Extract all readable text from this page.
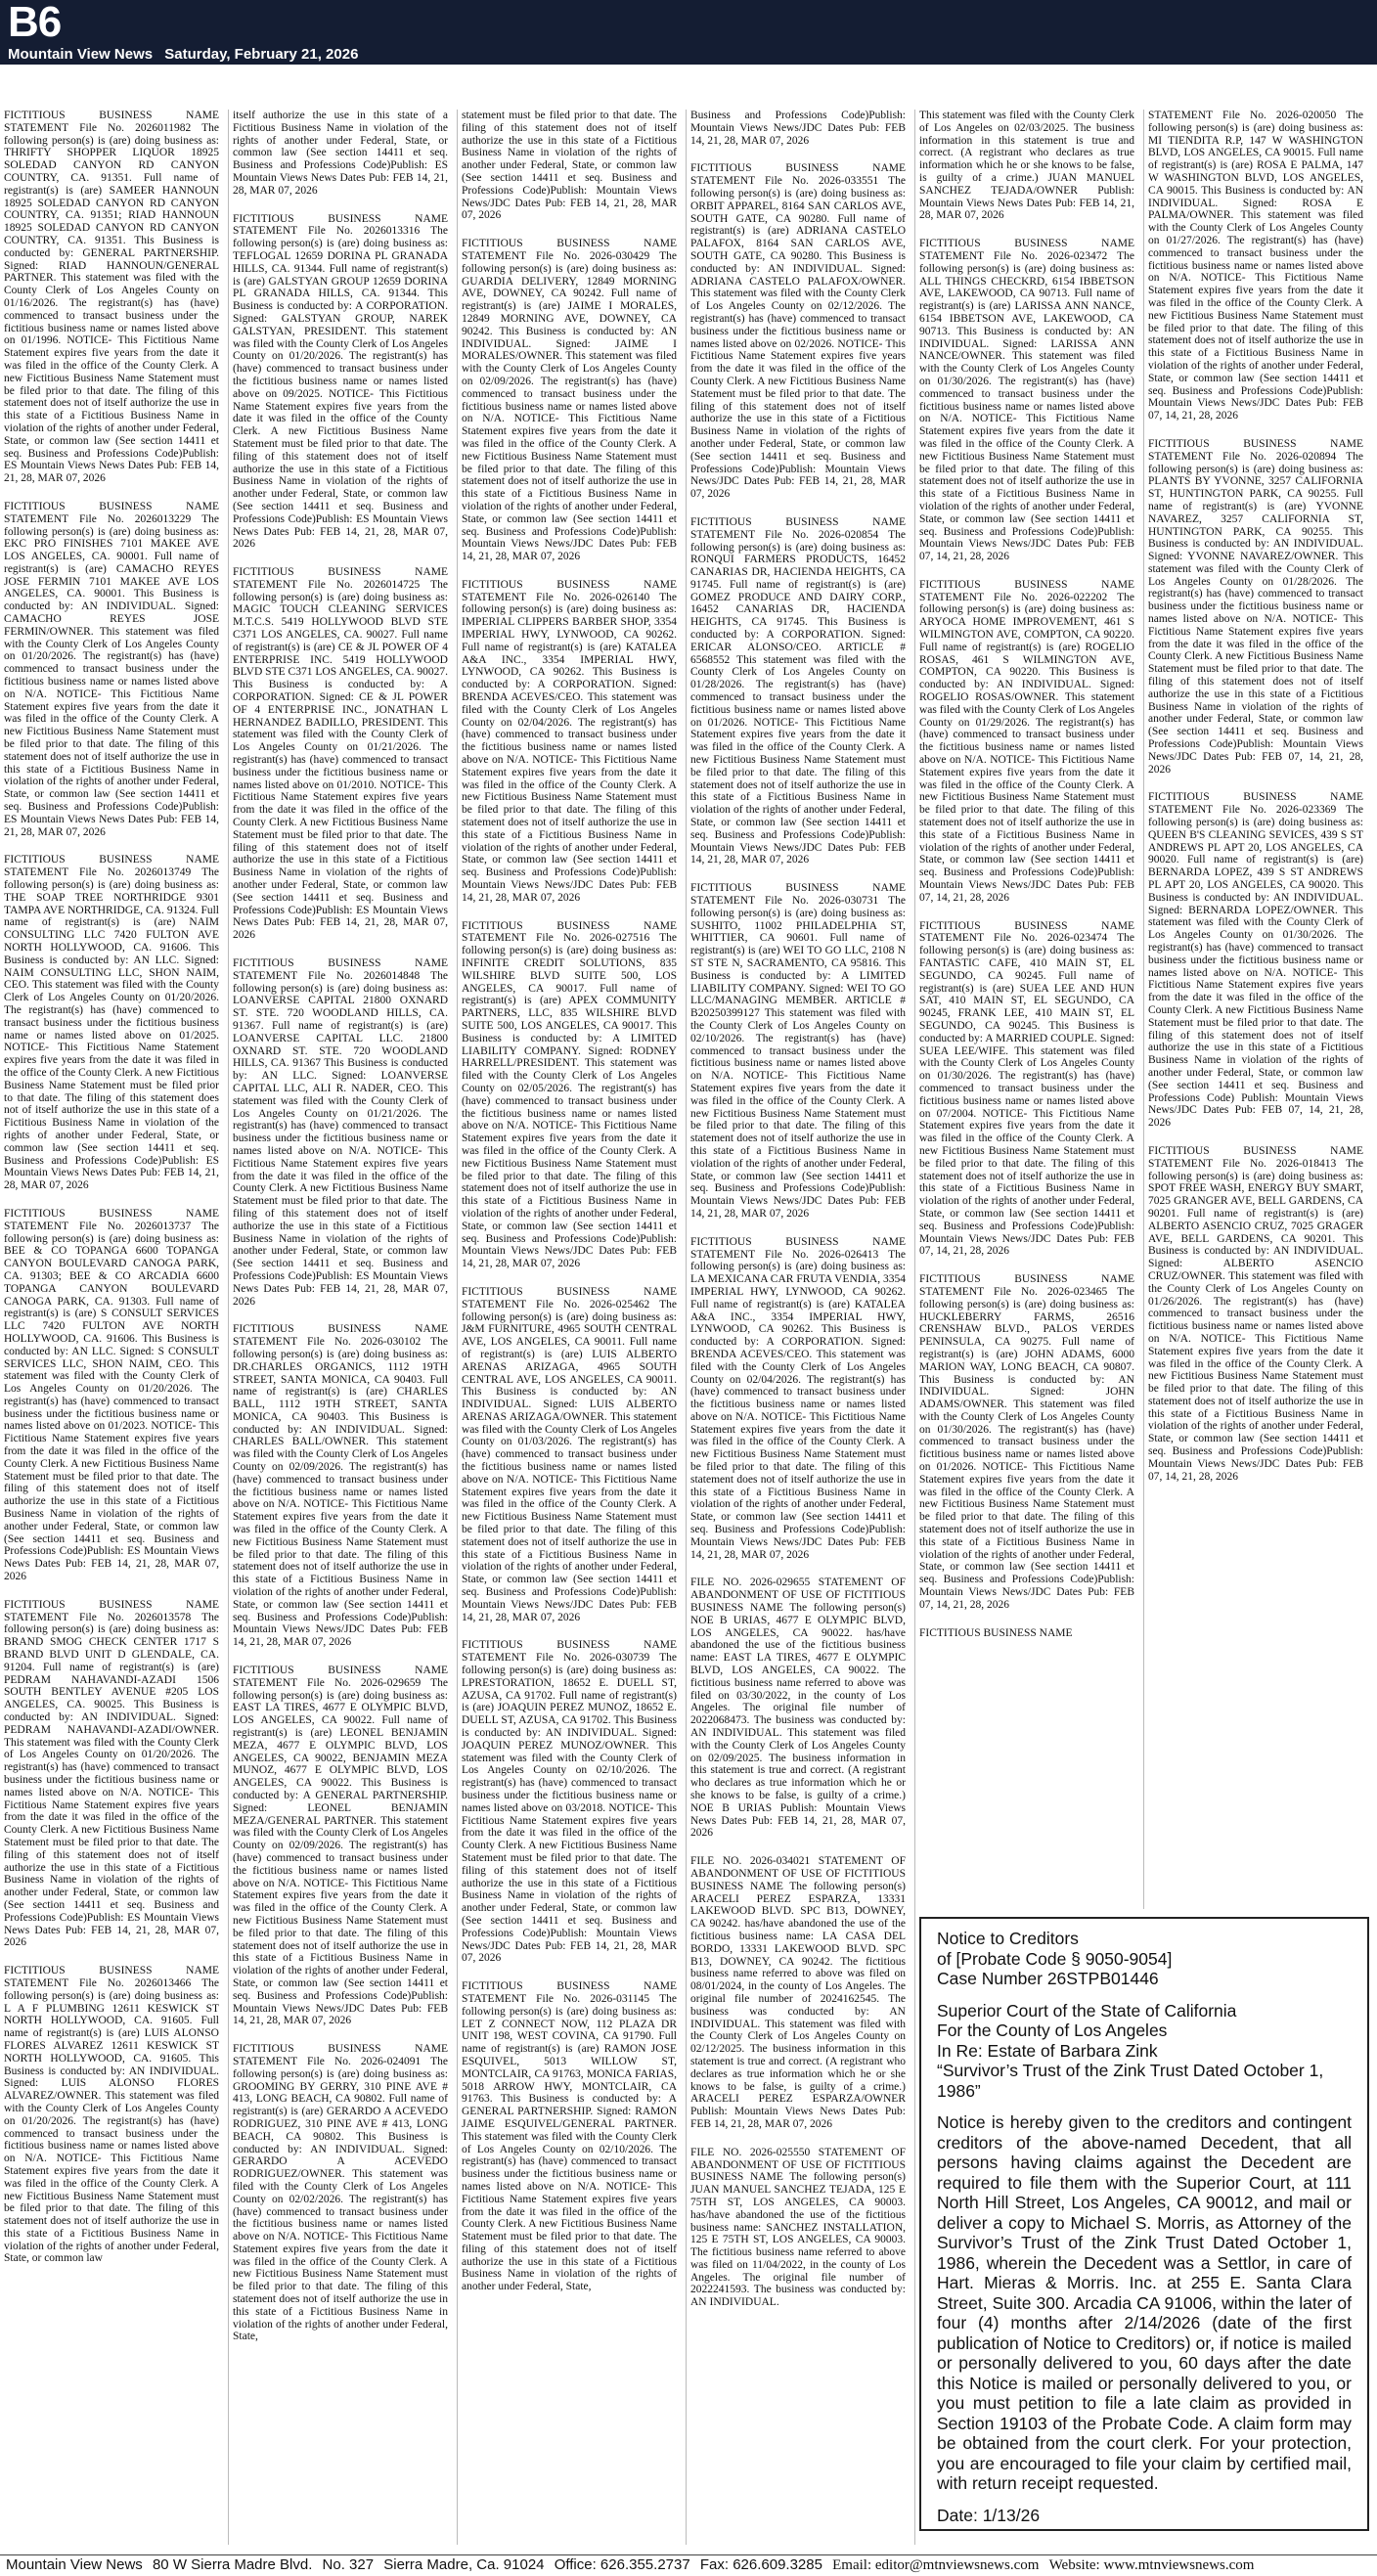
B6
Mountain View News Saturday, February 21, 2026

FICTITIOUS BUSINESS NAME STATEMENT File No. 2026011982 The following person(s) is (are) doing business as: THRIFTY SHOPPER LIQUOR 18925 SOLEDAD CANYON RD CANYON COUNTRY, CA. 91351. Full name of registrant(s) is (are) SAMEER HANNOUN 18925 SOLEDAD CANYON RD CANYON COUNTRY, CA. 91351; RIAD HANNOUN 18925 SOLEDAD CANYON RD CANYON COUNTRY, CA. 91351. This Business is conducted by: GENERAL PARTNERSHIP. Signed: RIAD HANNOUN/GENERAL PARTNER. This statement was filed with the County Clerk of Los Angeles County on 01/16/2026. The registrant(s) has (have) commenced to transact business under the fictitious business name or names listed above on 01/1996. NOTICE- This Fictitious Name Statement expires five years from the date it was filed in the office of the County Clerk. A new Fictitious Business Name Statement must be filed prior to that date. The filing of this statement does not of itself authorize the use in this state of a Fictitious Business Name in violation of the rights of another under Federal, State, or common law (See section 14411 et seq. Business and Professions Code)Publish: ES Mountain Views News Dates Pub: FEB 14, 21, 28, MAR 07, 2026

FICTITIOUS BUSINESS NAME STATEMENT File No. 2026013229 The following person(s) is (are) doing business as: EKC PRO FINISHES 7101 MAKEE AVE LOS ANGELES, CA. 90001. Full name of registrant(s) is (are) CAMACHO REYES JOSE FERMIN 7101 MAKEE AVE LOS ANGELES, CA. 90001. This Business is conducted by: AN INDIVIDUAL. Signed: CAMACHO REYES JOSE FERMIN/OWNER. This statement was filed with the County Clerk of Los Angeles County on 01/20/2026. The registrant(s) has (have) commenced to transact business under the fictitious business name or names listed above on N/A. NOTICE- This Fictitious Name Statement expires five years from the date it was filed in the office of the County Clerk. A new Fictitious Business Name Statement must be filed prior to that date. The filing of this statement does not of itself authorize the use in this state of a Fictitious Business Name in violation of the rights of another under Federal, State, or common law (See section 14411 et seq. Business and Professions Code)Publish: ES Mountain Views News Dates Pub: FEB 14, 21, 28, MAR 07, 2026

FICTITIOUS BUSINESS NAME STATEMENT File No. 2026013749 The following person(s) is (are) doing business as: THE SOAP TREE NORTHRIDGE 9301 TAMPA AVE NORTHRIDGE, CA. 91324. Full name of registrant(s) is (are) NAIM CONSULTING LLC 7420 FULTON AVE NORTH HOLLYWOOD, CA. 91606. This Business is conducted by: AN LLC. Signed: NAIM CONSULTING LLC, SHON NAIM, CEO. This statement was filed with the County Clerk of Los Angeles County on 01/20/2026. The registrant(s) has (have) commenced to transact business under the fictitious business name or names listed above on 01/2025. NOTICE- This Fictitious Name Statement expires five years from the date it was filed in the office of the County Clerk. A new Fictitious Business Name Statement must be filed prior to that date. The filing of this statement does not of itself authorize the use in this state of a Fictitious Business Name in violation of the rights of another under Federal, State, or common law (See section 14411 et seq. Business and Professions Code)Publish: ES Mountain Views News Dates Pub: FEB 14, 21, 28, MAR 07, 2026

FICTITIOUS BUSINESS NAME STATEMENT File No. 2026013737 The following person(s) is (are) doing business as: BEE & CO TOPANGA 6600 TOPANGA CANYON BOULEVARD CANOGA PARK, CA. 91303; BEE & CO ARCADIA 6600 TOPANGA CANYON BOULEVARD CANOGA PARK, CA. 91303. Full name of registrant(s) is (are) S CONSULT SERVICES LLC 7420 FULTON AVE NORTH HOLLYWOOD, CA. 91606. This Business is conducted by: AN LLC. Signed: S CONSULT SERVICES LLC, SHON NAIM, CEO. This statement was filed with the County Clerk of Los Angeles County on 01/20/2026. The registrant(s) has (have) commenced to transact business under the fictitious business name or names listed above on 01/2023. NOTICE- This Fictitious Name Statement expires five years from the date it was filed in the office of the County Clerk. A new Fictitious Business Name Statement must be filed prior to that date. The filing of this statement does not of itself authorize the use in this state of a Fictitious Business Name in violation of the rights of another under Federal, State, or common law (See section 14411 et seq. Business and Professions Code)Publish: ES Mountain Views News Dates Pub: FEB 14, 21, 28, MAR 07, 2026

FICTITIOUS BUSINESS NAME STATEMENT File No. 2026013578 The following person(s) is (are) doing business as: BRAND SMOG CHECK CENTER 1717 S BRAND BLVD UNIT D GLENDALE, CA. 91204. Full name of registrant(s) is (are) PEDRAM NAHAVANDI-AZADI 1506 SOUTH BENTLEY AVENUE #205 LOS ANGELES, CA. 90025. This Business is conducted by: AN INDIVIDUAL. Signed: PEDRAM NAHAVANDI-AZADI/OWNER. This statement was filed with the County Clerk of Los Angeles County on 01/20/2026. The registrant(s) has (have) commenced to transact business under the fictitious business name or names listed above on N/A. NOTICE- This Fictitious Name Statement expires five years from the date it was filed in the office of the County Clerk. A new Fictitious Business Name Statement must be filed prior to that date. The filing of this statement does not of itself authorize the use in this state of a Fictitious Business Name in violation of the rights of another under Federal, State, or common law (See section 14411 et seq. Business and Professions Code)Publish: ES Mountain Views News Dates Pub: FEB 14, 21, 28, MAR 07, 2026

FICTITIOUS BUSINESS NAME STATEMENT File No. 2026013466 The following person(s) is (are) doing business as: L A F PLUMBING 12611 KESWICK ST NORTH HOLLYWOOD, CA. 91605. Full name of registrant(s) is (are) LUIS ALONSO FLORES ALVAREZ 12611 KESWICK ST NORTH HOLLYWOOD, CA. 91605. This Business is conducted by: AN INDIVIDUAL. Signed: LUIS ALONSO FLORES ALVAREZ/OWNER. This statement was filed with the County Clerk of Los Angeles County on 01/20/2026. The registrant(s) has (have) commenced to transact business under the fictitious business name or names listed above on N/A. NOTICE- This Fictitious Name Statement expires five years from the date it was filed in the office of the County Clerk. A new Fictitious Business Name Statement must be filed prior to that date. The filing of this statement does not of itself authorize the use in this state of a Fictitious Business Name in violation of the rights of another under Federal, State, or common law

itself authorize the use in this state of a Fictitious Business Name in violation of the rights of another under Federal, State, or common law (See section 14411 et seq. Business and Professions Code)Publish: ES Mountain Views News Dates Pub: FEB 14, 21, 28, MAR 07, 2026

FICTITIOUS BUSINESS NAME STATEMENT File No. 2026013316 The following person(s) is (are) doing business as: TEFLOGAL 12659 DORINA PL GRANADA HILLS, CA. 91344. Full name of registrant(s) is (are) GALSTYAN GROUP 12659 DORINA PL GRANADA HILLS, CA. 91344. This Business is conducted by: A CORPORATION. Signed: GALSTYAN GROUP, NAREK GALSTYAN, PRESIDENT. This statement was filed with the County Clerk of Los Angeles County on 01/20/2026. The registrant(s) has (have) commenced to transact business under the fictitious business name or names listed above on 09/2025. NOTICE- This Fictitious Name Statement expires five years from the date it was filed in the office of the County Clerk. A new Fictitious Business Name Statement must be filed prior to that date. The filing of this statement does not of itself authorize the use in this state of a Fictitious Business Name in violation of the rights of another under Federal, State, or common law (See section 14411 et seq. Business and Professions Code)Publish: ES Mountain Views News Dates Pub: FEB 14, 21, 28, MAR 07, 2026

FICTITIOUS BUSINESS NAME STATEMENT File No. 2026014725 The following person(s) is (are) doing business as: MAGIC TOUCH CLEANING SERVICES M.T.C.S. 5419 HOLLYWOOD BLVD STE C371 LOS ANGELES, CA. 90027. Full name of registrant(s) is (are) CE & JL POWER OF 4 ENTERPRISE INC. 5419 HOLLYWOOD BLVD STE C371 LOS ANGELES, CA. 90027. This Business is conducted by: A CORPORATION. Signed: CE & JL POWER OF 4 ENTERPRISE INC., JONATHAN L HERNANDEZ BADILLO, PRESIDENT. This statement was filed with the County Clerk of Los Angeles County on 01/21/2026. The registrant(s) has (have) commenced to transact business under the fictitious business name or names listed above on 01/2010. NOTICE- This Fictitious Name Statement expires five years from the date it was filed in the office of the County Clerk. A new Fictitious Business Name Statement must be filed prior to that date. The filing of this statement does not of itself authorize the use in this state of a Fictitious Business Name in violation of the rights of another under Federal, State, or common law (See section 14411 et seq. Business and Professions Code)Publish: ES Mountain Views News Dates Pub: FEB 14, 21, 28, MAR 07, 2026

FICTITIOUS BUSINESS NAME STATEMENT File No. 2026014848 The following person(s) is (are) doing business as: LOANVERSE CAPITAL 21800 OXNARD ST. STE. 720 WOODLAND HILLS, CA. 91367. Full name of registrant(s) is (are) LOANVERSE CAPITAL LLC. 21800 OXNARD ST. STE. 720 WOODLAND HILLS, CA. 91367 This Business is conducted by: AN LLC. Signed: LOANVERSE CAPITAL LLC, ALI R. NADER, CEO. This statement was filed with the County Clerk of Los Angeles County on 01/21/2026. The registrant(s) has (have) commenced to transact business under the fictitious business name or names listed above on N/A. NOTICE- This Fictitious Name Statement expires five years from the date it was filed in the office of the County Clerk. A new Fictitious Business Name Statement must be filed prior to that date. The filing of this statement does not of itself authorize the use in this state of a Fictitious Business Name in violation of the rights of another under Federal, State, or common law (See section 14411 et seq. Business and Professions Code)Publish: ES Mountain Views News Dates Pub: FEB 14, 21, 28, MAR 07, 2026

FICTITIOUS BUSINESS NAME STATEMENT File No. 2026-030102 The following person(s) is (are) doing business as: DR.CHARLES ORGANICS, 1112 19TH STREET, SANTA MONICA, CA 90403. Full name of registrant(s) is (are) CHARLES BALL, 1112 19TH STREET, SANTA MONICA, CA 90403. This Business is conducted by: AN INDIVIDUAL. Signed: CHARLES BALL/OWNER. This statement was filed with the County Clerk of Los Angeles County on 02/09/2026. The registrant(s) has (have) commenced to transact business under the fictitious business name or names listed above on N/A. NOTICE- This Fictitious Name Statement expires five years from the date it was filed in the office of the County Clerk. A new Fictitious Business Name Statement must be filed prior to that date. The filing of this statement does not of itself authorize the use in this state of a Fictitious Business Name in violation of the rights of another under Federal, State, or common law (See section 14411 et seq. Business and Professions Code)Publish: Mountain Views News/JDC Dates Pub: FEB 14, 21, 28, MAR 07, 2026

FICTITIOUS BUSINESS NAME STATEMENT File No. 2026-029659 The following person(s) is (are) doing business as: EAST LA TIRES, 4677 E OLYMPIC BLVD, LOS ANGELES, CA 90022. Full name of registrant(s) is (are) LEONEL BENJAMIN MEZA, 4677 E OLYMPIC BLVD, LOS ANGELES, CA 90022, BENJAMIN MEZA MUNOZ, 4677 E OLYMPIC BLVD, LOS ANGELES, CA 90022. This Business is conducted by: A GENERAL PARTNERSHIP. Signed: LEONEL BENJAMIN MEZA/GENERAL PARTNER. This statement was filed with the County Clerk of Los Angeles County on 02/09/2026. The registrant(s) has (have) commenced to transact business under the fictitious business name or names listed above on N/A. NOTICE- This Fictitious Name Statement expires five years from the date it was filed in the office of the County Clerk. A new Fictitious Business Name Statement must be filed prior to that date. The filing of this statement does not of itself authorize the use in this state of a Fictitious Business Name in violation of the rights of another under Federal, State, or common law (See section 14411 et seq. Business and Professions Code)Publish: Mountain Views News/JDC Dates Pub: FEB 14, 21, 28, MAR 07, 2026

FICTITIOUS BUSINESS NAME STATEMENT File No. 2026-024091 The following person(s) is (are) doing business as: GROOMING BY GERRY, 310 PINE AVE # 413, LONG BEACH, CA 90802. Full name of registrant(s) is (are) GERARDO A ACEVEDO RODRIGUEZ, 310 PINE AVE # 413, LONG BEACH, CA 90802. This Business is conducted by: AN INDIVIDUAL. Signed: GERARDO A ACEVEDO RODRIGUEZ/OWNER. This statement was filed with the County Clerk of Los Angeles County on 02/02/2026. The registrant(s) has (have) commenced to transact business under the fictitious business name or names listed above on N/A. NOTICE- This Fictitious Name Statement expires five years from the date it was filed in the office of the County Clerk. A new Fictitious Business Name Statement must be filed prior to that date. The filing of this statement does not of itself authorize the use in this state of a Fictitious Business Name in violation of the rights of another under Federal, State,

statement must be filed prior to that date. The filing of this statement does not of itself authorize the use in this state of a Fictitious Business Name in violation of the rights of another under Federal, State, or common law (See section 14411 et seq. Business and Professions Code)Publish: Mountain Views News/JDC Dates Pub: FEB 14, 21, 28, MAR 07, 2026

FICTITIOUS BUSINESS NAME STATEMENT File No. 2026-030429 The following person(s) is (are) doing business as: GUARDIA DELIVERY, 12849 MORNING AVE, DOWNEY, CA 90242. Full name of registrant(s) is (are) JAIME I MORALES, 12849 MORNING AVE, DOWNEY, CA 90242. This Business is conducted by: AN INDIVIDUAL. Signed: JAIME I MORALES/OWNER. This statement was filed with the County Clerk of Los Angeles County on 02/09/2026. The registrant(s) has (have) commenced to transact business under the fictitious business name or names listed above on N/A. NOTICE- This Fictitious Name Statement expires five years from the date it was filed in the office of the County Clerk. A new Fictitious Business Name Statement must be filed prior to that date. The filing of this statement does not of itself authorize the use in this state of a Fictitious Business Name in violation of the rights of another under Federal, State, or common law (See section 14411 et seq. Business and Professions Code)Publish: Mountain Views News/JDC Dates Pub: FEB 14, 21, 28, MAR 07, 2026

FICTITIOUS BUSINESS NAME STATEMENT File No. 2026-026140 The following person(s) is (are) doing business as: IMPERIAL CLIPPERS BARBER SHOP, 3354 IMPERIAL HWY, LYNWOOD, CA 90262. Full name of registrant(s) is (are) KATALEA A&A INC., 3354 IMPERIAL HWY, LYNWOOD, CA 90262. This Business is conducted by: A CORPORATION. Signed: BRENDA ACEVES/CEO. This statement was filed with the County Clerk of Los Angeles County on 02/04/2026. The registrant(s) has (have) commenced to transact business under the fictitious business name or names listed above on N/A. NOTICE- This Fictitious Name Statement expires five years from the date it was filed in the office of the County Clerk. A new Fictitious Business Name Statement must be filed prior to that date. The filing of this statement does not of itself authorize the use in this state of a Fictitious Business Name in violation of the rights of another under Federal, State, or common law (See section 14411 et seq. Business and Professions Code)Publish: Mountain Views News/JDC Dates Pub: FEB 14, 21, 28, MAR 07, 2026

FICTITIOUS BUSINESS NAME STATEMENT File No. 2026-027516 The following person(s) is (are) doing business as: INFINITE CREDIT SOLUTIONS, 835 WILSHIRE BLVD SUITE 500, LOS ANGELES, CA 90017. Full name of registrant(s) is (are) APEX COMMUNITY PARTNERS, LLC, 835 WILSHIRE BLVD SUITE 500, LOS ANGELES, CA 90017. This Business is conducted by: A LIMITED LIABILITY COMPANY. Signed: RODNEY HARRELL/PRESIDENT. This statement was filed with the County Clerk of Los Angeles County on 02/05/2026. The registrant(s) has (have) commenced to transact business under the fictitious business name or names listed above on N/A. NOTICE- This Fictitious Name Statement expires five years from the date it was filed in the office of the County Clerk. A new Fictitious Business Name Statement must be filed prior to that date. The filing of this statement does not of itself authorize the use in this state of a Fictitious Business Name in violation of the rights of another under Federal, State, or common law (See section 14411 et seq. Business and Professions Code)Publish: Mountain Views News/JDC Dates Pub: FEB 14, 21, 28, MAR 07, 2026

FICTITIOUS BUSINESS NAME STATEMENT File No. 2026-025462 The following person(s) is (are) doing business as: J&M FURNITURE, 4965 SOUTH CENTRAL AVE, LOS ANGELES, CA 90011. Full name of registrant(s) is (are) LUIS ALBERTO ARENAS ARIZAGA, 4965 SOUTH CENTRAL AVE, LOS ANGELES, CA 90011. This Business is conducted by: AN INDIVIDUAL. Signed: LUIS ALBERTO ARENAS ARIZAGA/OWNER. This statement was filed with the County Clerk of Los Angeles County on 01/03/2026. The registrant(s) has (have) commenced to transact business under the fictitious business name or names listed above on N/A. NOTICE- This Fictitious Name Statement expires five years from the date it was filed in the office of the County Clerk. A new Fictitious Business Name Statement must be filed prior to that date. The filing of this statement does not of itself authorize the use in this state of a Fictitious Business Name in violation of the rights of another under Federal, State, or common law (See section 14411 et seq. Business and Professions Code)Publish: Mountain Views News/JDC Dates Pub: FEB 14, 21, 28, MAR 07, 2026

FICTITIOUS BUSINESS NAME STATEMENT File No. 2026-030739 The following person(s) is (are) doing business as: LPRESTORATION, 18652 E. DUELL ST, AZUSA, CA 91702. Full name of registrant(s) is (are) JOAQUIN PEREZ MUNOZ, 18652 E. DUELL ST, AZUSA, CA 91702. This Business is conducted by: AN INDIVIDUAL. Signed: JOAQUIN PEREZ MUNOZ/OWNER. This statement was filed with the County Clerk of Los Angeles County on 02/10/2026. The registrant(s) has (have) commenced to transact business under the fictitious business name or names listed above on 03/2018. NOTICE- This Fictitious Name Statement expires five years from the date it was filed in the office of the County Clerk. A new Fictitious Business Name Statement must be filed prior to that date. The filing of this statement does not of itself authorize the use in this state of a Fictitious Business Name in violation of the rights of another under Federal, State, or common law (See section 14411 et seq. Business and Professions Code)Publish: Mountain Views News/JDC Dates Pub: FEB 14, 21, 28, MAR 07, 2026

FICTITIOUS BUSINESS NAME STATEMENT File No. 2026-031145 The following person(s) is (are) doing business as: LET Z CONNECT NOW, 112 PLAZA DR UNIT 198, WEST COVINA, CA 91790. Full name of registrant(s) is (are) RAMON JOSE ESQUIVEL, 5013 WILLOW ST, MONTCLAIR, CA 91763, MONICA FARIAS, 5018 ARROW HWY, MONTCLAIR, CA 91763. This Business is conducted by: A GENERAL PARTNERSHIP. Signed: RAMON JAIME ESQUIVEL/GENERAL PARTNER. This statement was filed with the County Clerk of Los Angeles County on 02/10/2026. The registrant(s) has (have) commenced to transact business under the fictitious business name or names listed above on N/A. NOTICE- This Fictitious Name Statement expires five years from the date it was filed in the office of the County Clerk. A new Fictitious Business Name Statement must be filed prior to that date. The filing of this statement does not of itself authorize the use in this state of a Fictitious Business Name in violation of the rights of another under Federal, State,

Business and Professions Code)Publish: Mountain Views News/JDC Dates Pub: FEB 14, 21, 28, MAR 07, 2026

FICTITIOUS BUSINESS NAME STATEMENT File No. 2026-033551 The following person(s) is (are) doing business as: ORBIT APPAREL, 8164 SAN CARLOS AVE, SOUTH GATE, CA 90280. Full name of registrant(s) is (are) ADRIANA CASTELO PALAFOX, 8164 SAN CARLOS AVE, SOUTH GATE, CA 90280. This Business is conducted by: AN INDIVIDUAL. Signed: ADRIANA CASTELO PALAFOX/OWNER. This statement was filed with the County Clerk of Los Angeles County on 02/12/2026. The registrant(s) has (have) commenced to transact business under the fictitious business name or names listed above on 02/2026. NOTICE- This Fictitious Name Statement expires five years from the date it was filed in the office of the County Clerk. A new Fictitious Business Name Statement must be filed prior to that date. The filing of this statement does not of itself authorize the use in this state of a Fictitious Business Name in violation of the rights of another under Federal, State, or common law (See section 14411 et seq. Business and Professions Code)Publish: Mountain Views News/JDC Dates Pub: FEB 14, 21, 28, MAR 07, 2026

FICTITIOUS BUSINESS NAME STATEMENT File No. 2026-020854 The following person(s) is (are) doing business as: RONQUI FARMERS PRODUCTS, 16452 CANARIAS DR, HACIENDA HEIGHTS, CA 91745. Full name of registrant(s) is (are) GOMEZ PRODUCE AND DAIRY CORP., 16452 CANARIAS DR, HACIENDA HEIGHTS, CA 91745. This Business is conducted by: A CORPORATION. Signed: ERICAR ALONSO/CEO. ARTICLE # 6568552 This statement was filed with the County Clerk of Los Angeles County on 01/28/2026. The registrant(s) has (have) commenced to transact business under the fictitious business name or names listed above on 01/2026. NOTICE- This Fictitious Name Statement expires five years from the date it was filed in the office of the County Clerk. A new Fictitious Business Name Statement must be filed prior to that date. The filing of this statement does not of itself authorize the use in this state of a Fictitious Business Name in violation of the rights of another under Federal, State, or common law (See section 14411 et seq. Business and Professions Code)Publish: Mountain Views News/JDC Dates Pub: FEB 14, 21, 28, MAR 07, 2026

FICTITIOUS BUSINESS NAME STATEMENT File No. 2026-030731 The following person(s) is (are) doing business as: SUSHITO, 11002 PHILADELPHIA ST, WHITTIER, CA 90601. Full name of registrant(s) is (are) WEI TO GO LLC, 2108 N ST STE N, SACRAMENTO, CA 95816. This Business is conducted by: A LIMITED LIABILITY COMPANY. Signed: WEI TO GO LLC/MANAGING MEMBER. ARTICLE # B20250399127 This statement was filed with the County Clerk of Los Angeles County on 02/10/2026. The registrant(s) has (have) commenced to transact business under the fictitious business name or names listed above on N/A. NOTICE- This Fictitious Name Statement expires five years from the date it was filed in the office of the County Clerk. A new Fictitious Business Name Statement must be filed prior to that date. The filing of this statement does not of itself authorize the use in this state of a Fictitious Business Name in violation of the rights of another under Federal, State, or common law (See section 14411 et seq. Business and Professions Code)Publish: Mountain Views News/JDC Dates Pub: FEB 14, 21, 28, MAR 07, 2026

FICTITIOUS BUSINESS NAME STATEMENT File No. 2026-026413 The following person(s) is (are) doing business as: LA MEXICANA CAR FRUTA VENDIA, 3354 IMPERIAL HWY, LYNWOOD, CA 90262. Full name of registrant(s) is (are) KATALEA A&A INC., 3354 IMPERIAL HWY, LYNWOOD, CA 90262. This Business is conducted by: A CORPORATION. Signed: BRENDA ACEVES/CEO. This statement was filed with the County Clerk of Los Angeles County on 02/04/2026. The registrant(s) has (have) commenced to transact business under the fictitious business name or names listed above on N/A. NOTICE- This Fictitious Name Statement expires five years from the date it was filed in the office of the County Clerk. A new Fictitious Business Name Statement must be filed prior to that date. The filing of this statement does not of itself authorize the use in this state of a Fictitious Business Name in violation of the rights of another under Federal, State, or common law (See section 14411 et seq. Business and Professions Code)Publish: Mountain Views News/JDC Dates Pub: FEB 14, 21, 28, MAR 07, 2026

FILE NO. 2026-029655 STATEMENT OF ABANDONMENT OF USE OF FICTITIOUS BUSINESS NAME The following person(s) NOE B URIAS, 4677 E OLYMPIC BLVD, LOS ANGELES, CA 90022. has/have abandoned the use of the fictitious business name: EAST LA TIRES, 4677 E OLYMPIC BLVD, LOS ANGELES, CA 90022. The fictitious business name referred to above was filed on 03/30/2022, in the county of Los Angeles. The original file number of 2022068473. The business was conducted by: AN INDIVIDUAL. This statement was filed with the County Clerk of Los Angeles County on 02/09/2025. The business information in this statement is true and correct. (A registrant who declares as true information which he or she knows to be false, is guilty of a crime.) NOE B URIAS Publish: Mountain Views News Dates Pub: FEB 14, 21, 28, MAR 07, 2026

FILE NO. 2026-034021 STATEMENT OF ABANDONMENT OF USE OF FICTITIOUS BUSINESS NAME The following person(s) ARACELI PEREZ ESPARZA, 13331 LAKEWOOD BLVD. SPC B13, DOWNEY, CA 90242. has/have abandoned the use of the fictitious business name: LA CASA DEL BORDO, 13331 LAKEWOOD BLVD. SPC B13, DOWNEY, CA 90242. The fictitious business name referred to above was filed on 08/01/2024, in the county of Los Angeles. The original file number of 2024162545. The business was conducted by: AN INDIVIDUAL. This statement was filed with the County Clerk of Los Angeles County on 02/12/2025. The business information in this statement is true and correct. (A registrant who declares as true information which he or she knows to be false, is guilty of a crime.) ARACELI PEREZ ESPARZA/OWNER Publish: Mountain Views News Dates Pub: FEB 14, 21, 28, MAR 07, 2026

FILE NO. 2026-025550 STATEMENT OF ABANDONMENT OF USE OF FICTITIOUS BUSINESS NAME The following person(s) JUAN MANUEL SANCHEZ TEJADA, 125 E 75TH ST, LOS ANGELES, CA 90003. has/have abandoned the use of the fictitious business name: SANCHEZ INSTALLATION, 125 E 75TH ST, LOS ANGELES, CA 90003. The fictitious business name referred to above was filed on 11/04/2022, in the county of Los Angeles. The original file number of 2022241593. The business was conducted by: AN INDIVIDUAL.

This statement was filed with the County Clerk of Los Angeles on 02/03/2025. The business information in this statement is true and correct. (A registrant who declares as true information which he or she knows to be false, is guilty of a crime.) JUAN MANUEL SANCHEZ TEJADA/OWNER Publish: Mountain Views News Dates Pub: FEB 14, 21, 28, MAR 07, 2026

FICTITIOUS BUSINESS NAME STATEMENT File No. 2026-023472 The following person(s) is (are) doing business as: ALL THINGS CHECKRD, 6154 IBBETSON AVE, LAKEWOOD, CA 90713. Full name of registrant(s) is (are) LARISSA ANN NANCE, 6154 IBBETSON AVE, LAKEWOOD, CA 90713. This Business is conducted by: AN INDIVIDUAL. Signed: LARISSA ANN NANCE/OWNER. This statement was filed with the County Clerk of Los Angeles County on 01/30/2026. The registrant(s) has (have) commenced to transact business under the fictitious business name or names listed above on N/A. NOTICE- This Fictitious Name Statement expires five years from the date it was filed in the office of the County Clerk. A new Fictitious Business Name Statement must be filed prior to that date. The filing of this statement does not of itself authorize the use in this state of a Fictitious Business Name in violation of the rights of another under Federal, State, or common law (See section 14411 et seq. Business and Professions Code)Publish: Mountain Views News/JDC Dates Pub: FEB 07, 14, 21, 28, 2026

FICTITIOUS BUSINESS NAME STATEMENT File No. 2026-022202 The following person(s) is (are) doing business as: ARYOCA HOME IMPROVEMENT, 461 S WILMINGTON AVE, COMPTON, CA 90220. Full name of registrant(s) is (are) ROGELIO ROSAS, 461 S WILMINGTON AVE, COMPTON, CA 90220. This Business is conducted by: AN INDIVIDUAL. Signed: ROGELIO ROSAS/OWNER. This statement was filed with the County Clerk of Los Angeles County on 01/29/2026. The registrant(s) has (have) commenced to transact business under the fictitious business name or names listed above on N/A. NOTICE- This Fictitious Name Statement expires five years from the date it was filed in the office of the County Clerk. A new Fictitious Business Name Statement must be filed prior to that date. The filing of this statement does not of itself authorize the use in this state of a Fictitious Business Name in violation of the rights of another under Federal, State, or common law (See section 14411 et seq. Business and Professions Code)Publish: Mountain Views News/JDC Dates Pub: FEB 07, 14, 21, 28, 2026

FICTITIOUS BUSINESS NAME STATEMENT File No. 2026-023474 The following person(s) is (are) doing business as: FANTASTIC CAFE, 410 MAIN ST, EL SEGUNDO, CA 90245. Full name of registrant(s) is (are) SUEA LEE AND HUN SAT, 410 MAIN ST, EL SEGUNDO, CA 90245, FRANK LEE, 410 MAIN ST, EL SEGUNDO, CA 90245. This Business is conducted by: A MARRIED COUPLE. Signed: SUEA LEE/WIFE. This statement was filed with the County Clerk of Los Angeles County on 01/30/2026. The registrant(s) has (have) commenced to transact business under the fictitious business name or names listed above on 07/2004. NOTICE- This Fictitious Name Statement expires five years from the date it was filed in the office of the County Clerk. A new Fictitious Business Name Statement must be filed prior to that date. The filing of this statement does not of itself authorize the use in this state of a Fictitious Business Name in violation of the rights of another under Federal, State, or common law (See section 14411 et seq. Business and Professions Code)Publish: Mountain Views News/JDC Dates Pub: FEB 07, 14, 21, 28, 2026

FICTITIOUS BUSINESS NAME STATEMENT File No. 2026-023465 The following person(s) is (are) doing business as: HUCKLEBERRY FARMS, 26516 CRENSHAW BLVD., PALOS VERDES PENINSULA, CA 90275. Full name of registrant(s) is (are) JOHN ADAMS, 6000 MARION WAY, LONG BEACH, CA 90807. This Business is conducted by: AN INDIVIDUAL. Signed: JOHN ADAMS/OWNER. This statement was filed with the County Clerk of Los Angeles County on 01/30/2026. The registrant(s) has (have) commenced to transact business under the fictitious business name or names listed above on 01/2026. NOTICE- This Fictitious Name Statement expires five years from the date it was filed in the office of the County Clerk. A new Fictitious Business Name Statement must be filed prior to that date. The filing of this statement does not of itself authorize the use in this state of a Fictitious Business Name in violation of the rights of another under Federal, State, or common law (See section 14411 et seq. Business and Professions Code)Publish: Mountain Views News/JDC Dates Pub: FEB 07, 14, 21, 28, 2026

FICTITIOUS BUSINESS NAME

STATEMENT File No. 2026-020050 The following person(s) is (are) doing business as: MI TIENDITA R.P, 147 W WASHINGTON BLVD, LOS ANGELES, CA 90015. Full name of registrant(s) is (are) ROSA E PALMA, 147 W WASHINGTON BLVD, LOS ANGELES, CA 90015. This Business is conducted by: AN INDIVIDUAL. Signed: ROSA E PALMA/OWNER. This statement was filed with the County Clerk of Los Angeles County on 01/27/2026. The registrant(s) has (have) commenced to transact business under the fictitious business name or names listed above on N/A. NOTICE- This Fictitious Name Statement expires five years from the date it was filed in the office of the County Clerk. A new Fictitious Business Name Statement must be filed prior to that date. The filing of this statement does not of itself authorize the use in this state of a Fictitious Business Name in violation of the rights of another under Federal, State, or common law (See section 14411 et seq. Business and Professions Code)Publish: Mountain Views News/JDC Dates Pub: FEB 07, 14, 21, 28, 2026

FICTITIOUS BUSINESS NAME STATEMENT File No. 2026-020894 The following person(s) is (are) doing business as: PLANTS BY YVONNE, 3257 CALIFORNIA ST, HUNTINGTON PARK, CA 90255. Full name of registrant(s) is (are) YVONNE NAVAREZ, 3257 CALIFORNIA ST, HUNTINGTON PARK, CA 90255. This Business is conducted by: AN INDIVIDUAL. Signed: YVONNE NAVAREZ/OWNER. This statement was filed with the County Clerk of Los Angeles County on 01/28/2026. The registrant(s) has (have) commenced to transact business under the fictitious business name or names listed above on N/A. NOTICE- This Fictitious Name Statement expires five years from the date it was filed in the office of the County Clerk. A new Fictitious Business Name Statement must be filed prior to that date. The filing of this statement does not of itself authorize the use in this state of a Fictitious Business Name in violation of the rights of another under Federal, State, or common law (See section 14411 et seq. Business and Professions Code)Publish: Mountain Views News/JDC Dates Pub: FEB 07, 14, 21, 28, 2026

FICTITIOUS BUSINESS NAME STATEMENT File No. 2026-023369 The following person(s) is (are) doing business as: QUEEN B'S CLEANING SEVICES, 439 S ST ANDREWS PL APT 20, LOS ANGELES, CA 90020. Full name of registrant(s) is (are) BERNARDA LOPEZ, 439 S ST ANDREWS PL APT 20, LOS ANGELES, CA 90020. This Business is conducted by: AN INDIVIDUAL. Signed: BERNARDA LOPEZ/OWNER. This statement was filed with the County Clerk of Los Angeles County on 01/30/2026. The registrant(s) has (have) commenced to transact business under the fictitious business name or names listed above on N/A. NOTICE- This Fictitious Name Statement expires five years from the date it was filed in the office of the County Clerk. A new Fictitious Business Name Statement must be filed prior to that date. The filing of this statement does not of itself authorize the use in this state of a Fictitious Business Name in violation of the rights of another under Federal, State, or common law (See section 14411 et seq. Business and Professions Code) Publish: Mountain Views News/JDC Dates Pub: FEB 07, 14, 21, 28, 2026

FICTITIOUS BUSINESS NAME STATEMENT File No. 2026-018413 The following person(s) is (are) doing business as: SPOT FREE WASH, ENERGY BUY SMART, 7025 GRANGER AVE, BELL GARDENS, CA 90201. Full name of registrant(s) is (are) ALBERTO ASENCIO CRUZ, 7025 GRAGER AVE, BELL GARDENS, CA 90201. This Business is conducted by: AN INDIVIDUAL. Signed: ALBERTO ASENCIO CRUZ/OWNER. This statement was filed with the County Clerk of Los Angeles County on 01/26/2026. The registrant(s) has (have) commenced to transact business under the fictitious business name or names listed above on N/A. NOTICE- This Fictitious Name Statement expires five years from the date it was filed in the office of the County Clerk. A new Fictitious Business Name Statement must be filed prior to that date. The filing of this statement does not of itself authorize the use in this state of a Fictitious Business Name in violation of the rights of another under Federal, State, or common law (See section 14411 et seq. Business and Professions Code)Publish: Mountain Views News/JDC Dates Pub: FEB 07, 14, 21, 28, 2026

Notice to Creditors
of [Probate Code § 9050-9054]
Case Number 26STPB01446

Superior Court of the State of California
For the County of Los Angeles
In Re: Estate of Barbara Zink
“Survivor’s Trust of the Zink Trust Dated October 1, 1986”

Notice is hereby given to the creditors and contingent creditors of the above-named Decedent, that all persons having claims against the Decedent are required to file them with the Superior Court, at 111 North Hill Street, Los Angeles, CA 90012, and mail or deliver a copy to Michael S. Morris, as Attorney of the Survivor’s Trust of the Zink Trust Dated October 1, 1986, wherein the Decedent was a Settlor, in care of Hart. Mieras & Morris. Inc. at 255 E. Santa Clara Street, Suite 300. Arcadia CA 91006, within the later of four (4) months after 2/14/2026 (date of the first publication of Notice to Creditors) or, if notice is mailed or personally delivered to you, 60 days after the date this Notice is mailed or personally delivered to you, or you must petition to file a late claim as provided in Section 19103 of the Probate Code. A claim form may be obtained from the court clerk. For your protection, you are encouraged to file your claim by certified mail, with return receipt requested.

Date: 1/13/26

Mountain View News 80 W Sierra Madre Blvd. No. 327 Sierra Madre, Ca. 91024 Office: 626.355.2737 Fax: 626.609.3285 Email: editor@mtnviewsnews.com Website: www.mtnviewsnews.com
